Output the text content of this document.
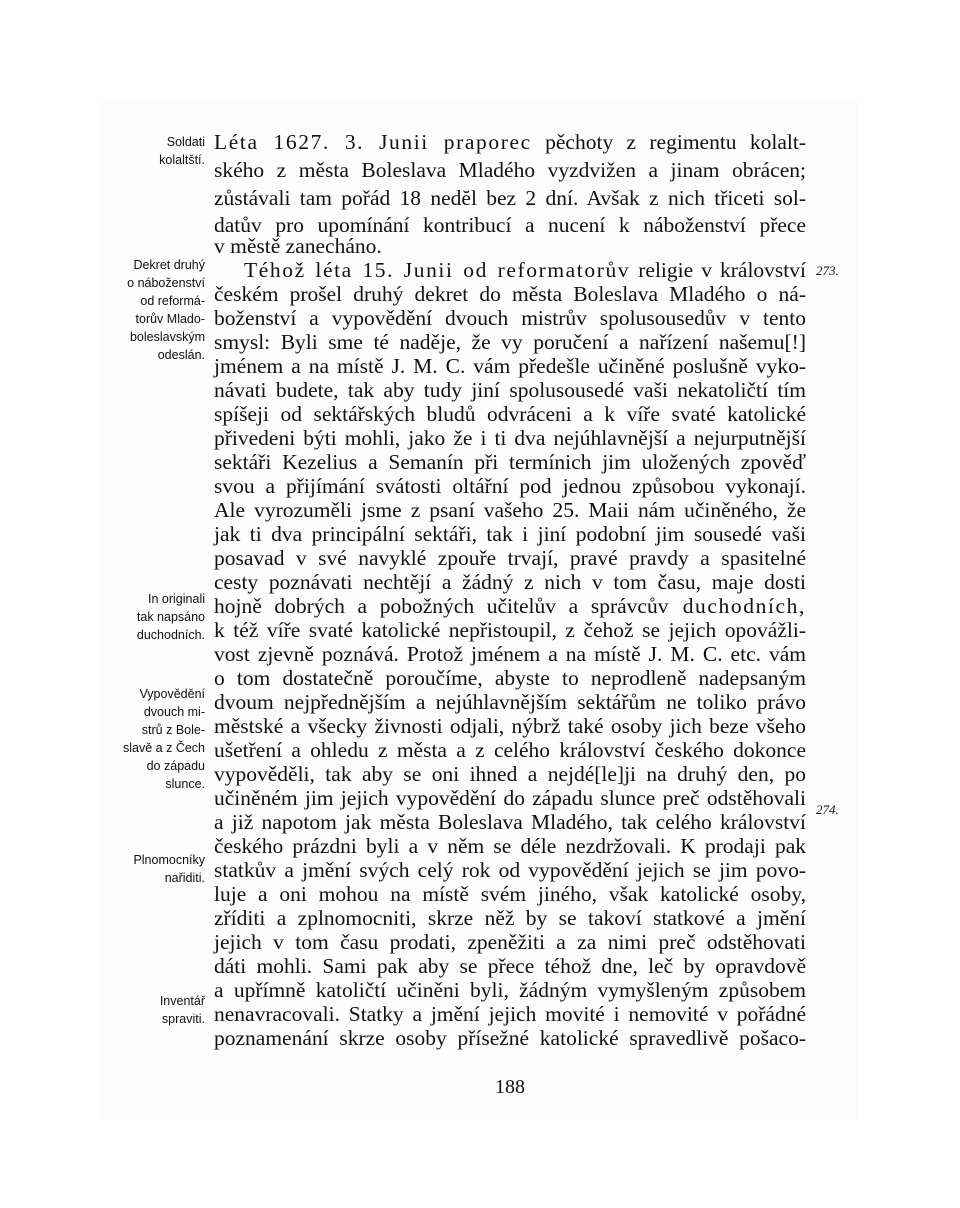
Soldati
kolaltští.
Dekret druhý
o náboženství
od reformá-
torův Mlado-
boleslavským
odeslán.
In originali
tak napsáno
duchodních.
Vypovědění
dvouch mi-
strů z Bole-
slavě a z Čech
do západu
slunce.
Plnomocníky
nařiditi.
Inventář
spraviti.
273.
274.
Léta 1627. 3. Junii praporec pěchoty z regimentu kolalt-
ského z města Boleslava Mladého vyzdvižen a jinam obrácen;
zůstávali tam pořád 18 nedĕl bez 2 dní. Avšak z nich třiceti sol-
datův pro upomínání kontribucí a nucení k náboženství přece
v městě zanecháno.
Téhož léta 15. Junii od reformatorův religie v království
českém prošel druhý dekret do města Boleslava Mladého o ná-
boženství a vypovědění dvouch mistrův spolusousedův v tento
smysl: Byli sme té naděje, že vy poručení a nařízení našemu[!]
jménem a na místě J. M. C. vám předešle učiněné poslušně vyko-
návati budete, tak aby tudy jiní spolusousedé vaši nekatoličtí tím
spíšeji od sektářských bludů odvráceni a k víře svaté katolické
přivedeni býti mohli, jako že i ti dva nejúhlavnější a nejurputnější
sektáři Kezelius a Semanín při termínich jim uložených zpověď
svou a přijímání svátosti oltářní pod jednou způsobou vykonají.
Ale vyrozuměli jsme z psaní vašeho 25. Maii nám učiněného, že
jak ti dva principální sektáři, tak i jiní podobní jim sousedé vaši
posavad v své navyklé zpouře trvají, pravé pravdy a spasitelné
cesty poznávati nechtějí a žádný z nich v tom času, maje dosti
hojně dobrých a pobožných učitelův a správcův duchodních,
k též víře svaté katolické nepřistoupil, z čehož se jejich opovážli-
vost zjevně poznává. Protož jménem a na místě J. M. C. etc. vám
o tom dostatečně poroučíme, abyste to neprodleně nadepsaným
dvoum nejpřednějším a nejúhlavnějším sektářům ne toliko právo
městské a všecky živnosti odjali, nýbrž také osoby jich beze všeho
ušetření a ohledu z města a z celého království českého dokonce
vypověděli, tak aby se oni ihned a nejdé[le]ji na druhý den, po
učiněném jim jejich vypovědění do západu slunce preč odstěhovali
a již napotom jak města Boleslava Mladého, tak celého království
českého prázdni byli a v něm se déle nezdržovali. K prodaji pak
statkův a jmění svých celý rok od vypovědění jejich se jim povo-
luje a oni mohou na místě svém jiného, však katolické osoby,
zříditi a zplnomocniti, skrze něž by se takoví statkové a jmění
jejich v tom času prodati, zpeněžiti a za nimi preč odstěhovati
dáti mohli. Sami pak aby se přece téhož dne, leč by opravdově
a upřímně katoličtí učiněni byli, žádným vymyšleným způsobem
nenavracovali. Statky a jmění jejich movité i nemovité v pořádné
poznamenání skrze osoby přísežné katolické spravedlivě pošaco-
188
